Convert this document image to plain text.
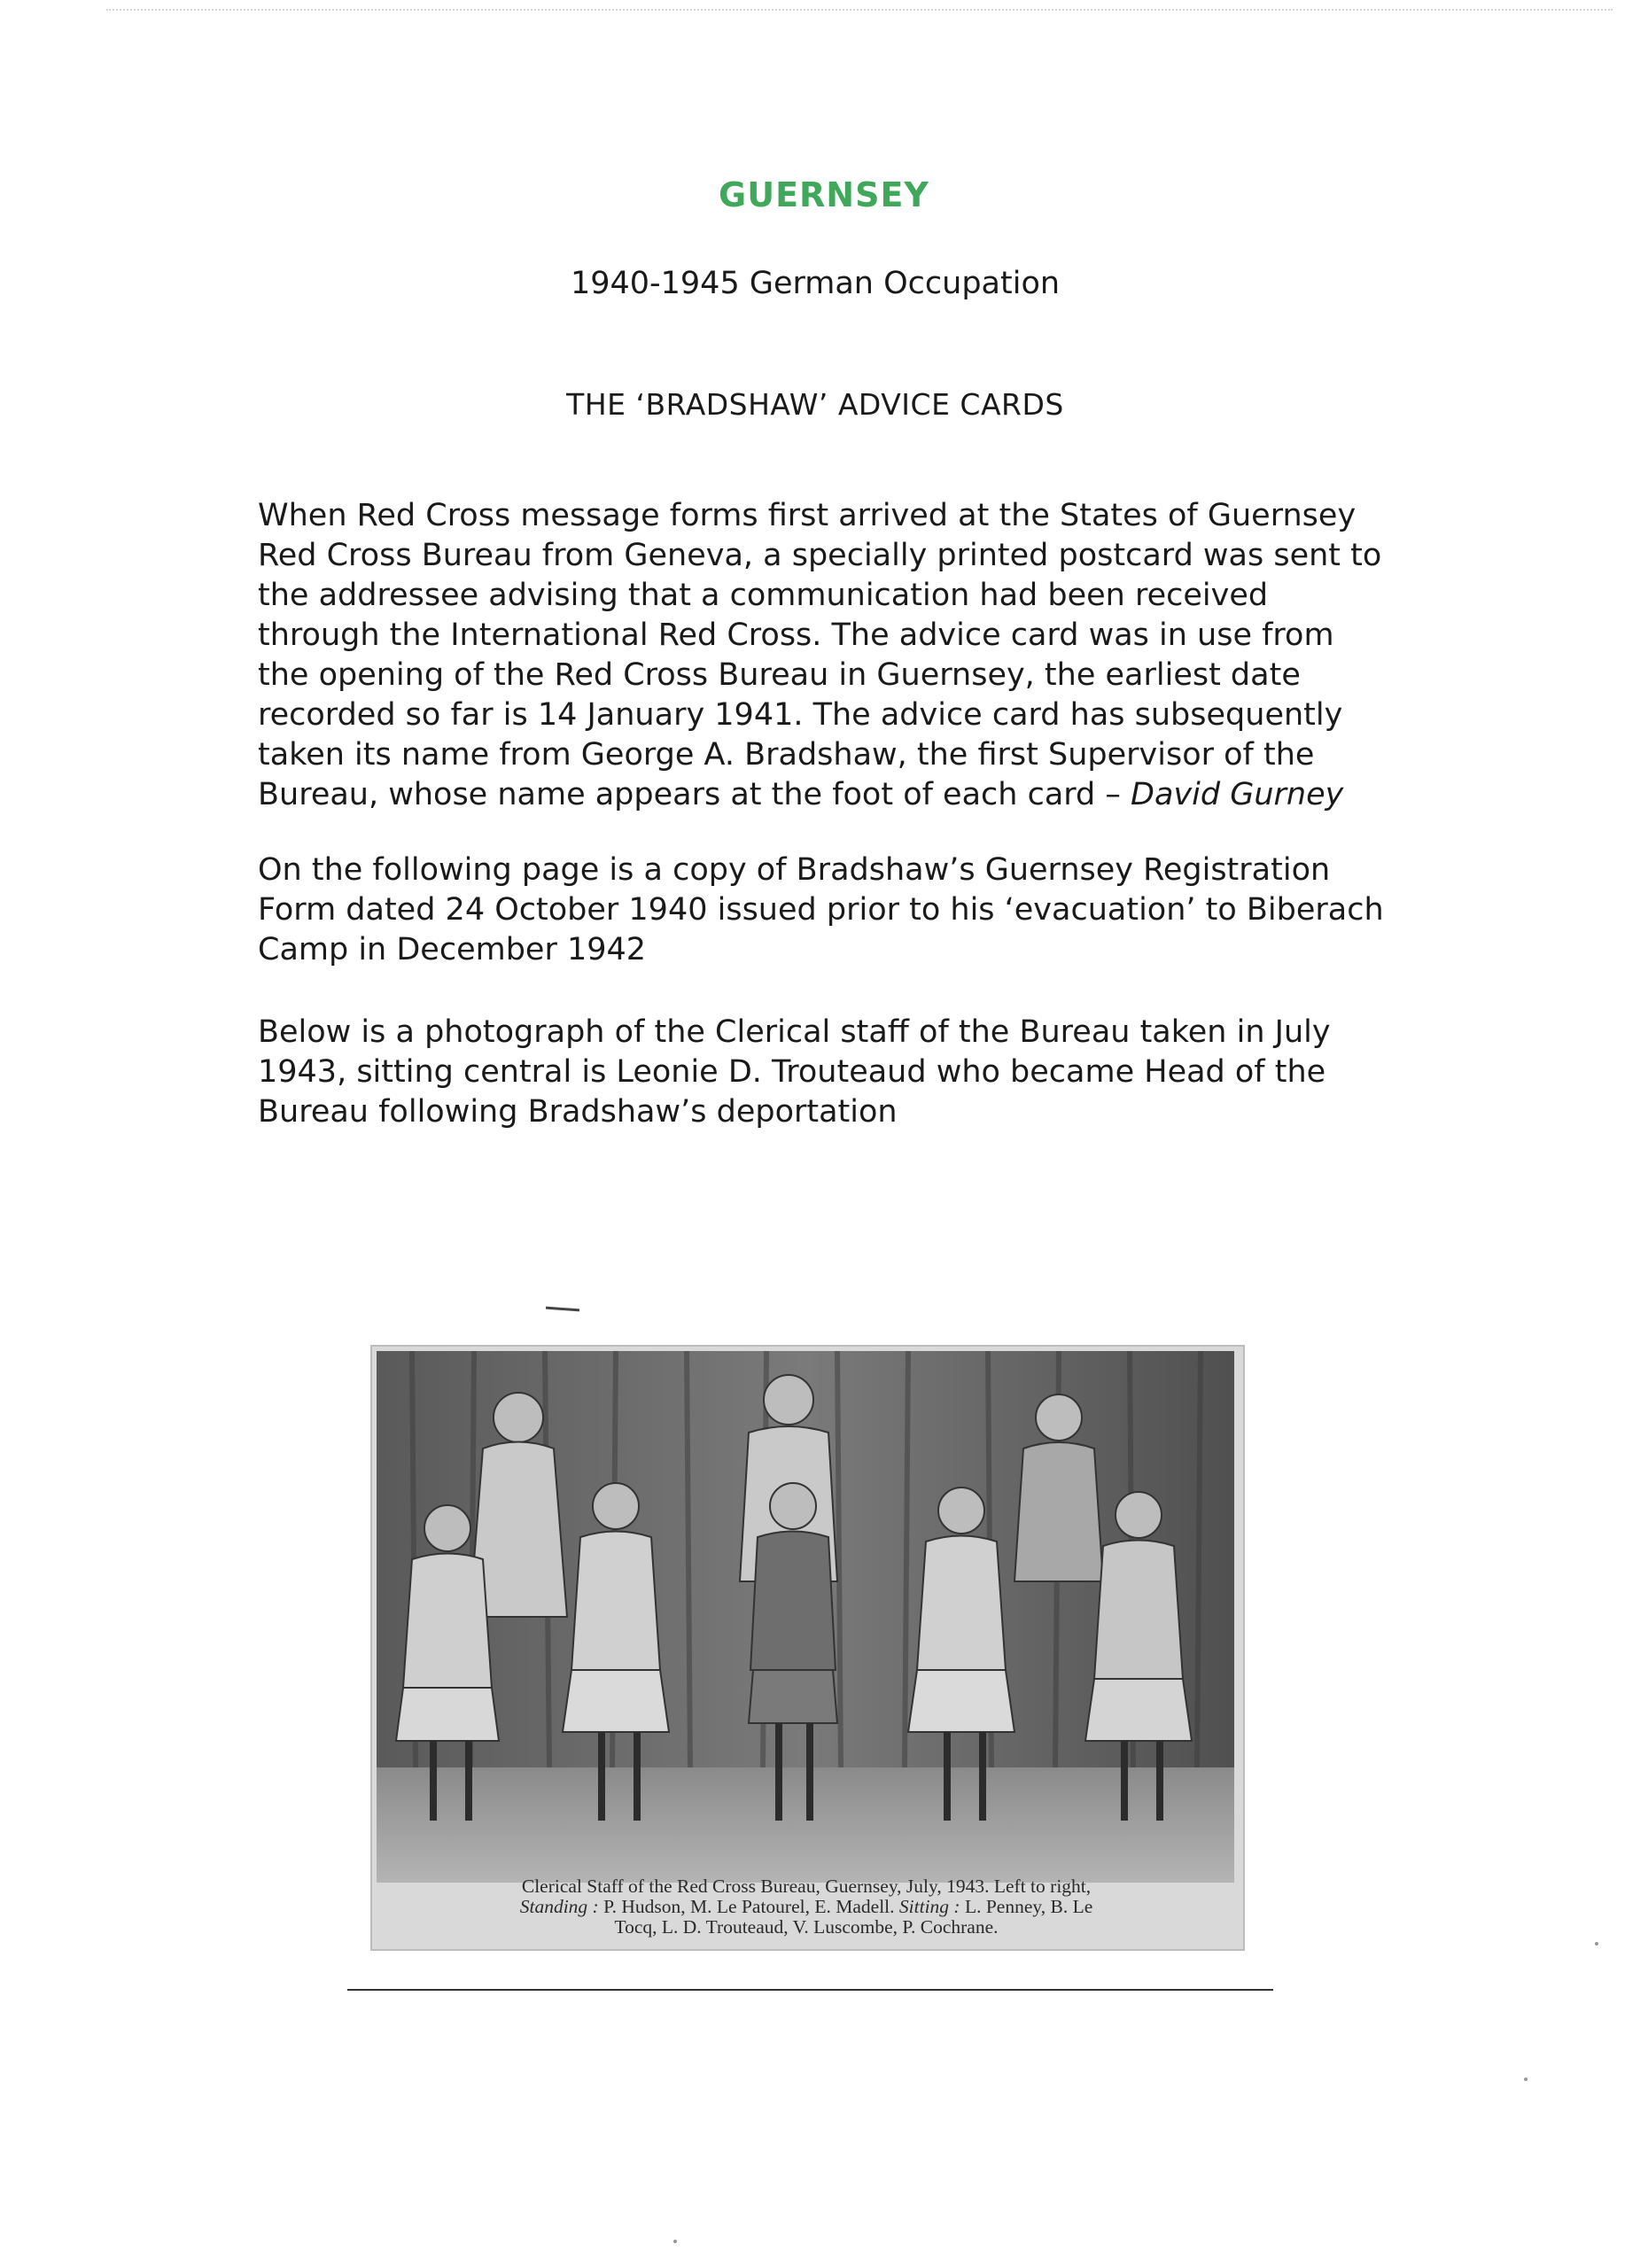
GUERNSEY
1940-1945 German Occupation
THE ‘BRADSHAW’ ADVICE CARDS

When Red Cross message forms first arrived at the States of Guernsey Red Cross Bureau from Geneva, a specially printed postcard was sent to the addressee advising that a communication had been received through the International Red Cross. The advice card was in use from the opening of the Red Cross Bureau in Guernsey, the earliest date recorded so far is 14 January 1941. The advice card has subsequently taken its name from George A. Bradshaw, the first Supervisor of the Bureau, whose name appears at the foot of each card – David Gurney

On the following page is a copy of Bradshaw’s Guernsey Registration Form dated 24 October 1940 issued prior to his ‘evacuation’ to Biberach Camp in December 1942

Below is a photograph of the Clerical staff of the Bureau taken in July 1943, sitting central is Leonie D. Trouteaud who became Head of the Bureau following Bradshaw’s deportation

Clerical Staff of the Red Cross Bureau, Guernsey, July, 1943. Left to right,
Standing : P. Hudson, M. Le Patourel, E. Madell. Sitting : L. Penney, B. Le
Tocq, L. D. Trouteaud, V. Luscombe, P. Cochrane.
